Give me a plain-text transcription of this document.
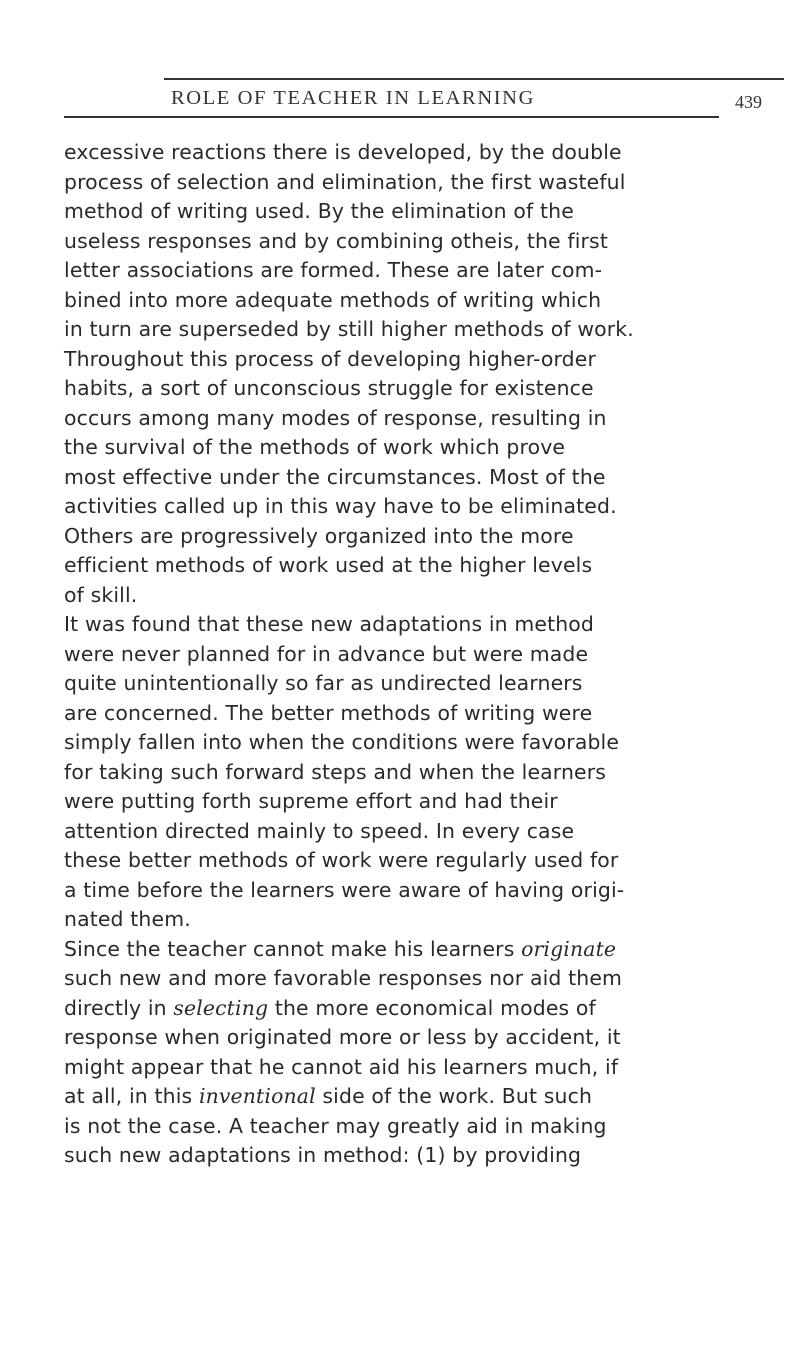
ROLE OF TEACHER IN LEARNING	439
excessive reactions there is developed, by the double
process of selection and elimination, the first wasteful
method of writing used. By the elimination of the
useless responses and by combining otheis, the first
letter associations are formed. These are later com-
bined into more adequate methods of writing which
in turn are superseded by still higher methods of work.
Throughout this process of developing higher-order
habits, a sort of unconscious struggle for existence
occurs among many modes of response, resulting in
the survival of the methods of work which prove
most effective under the circumstances. Most of the
activities called up in this way have to be eliminated.
Others are progressively organized into the more
efficient methods of work used at the higher levels
of skill.
It was found that these new adaptations in method
were never planned for in advance but were made
quite unintentionally so far as undirected learners
are concerned. The better methods of writing were
simply fallen into when the conditions were favorable
for taking such forward steps and when the learners
were putting forth supreme effort and had their
attention directed mainly to speed. In every case
these better methods of work were regularly used for
a time before the learners were aware of having origi-
nated them.
Since the teacher cannot make his learners originate
such new and more favorable responses nor aid them
directly in selecting the more economical modes of
response when originated more or less by accident, it
might appear that he cannot aid his learners much, if
at all, in this inventional side of the work. But such
is not the case. A teacher may greatly aid in making
such new adaptations in method: (1) by providing
